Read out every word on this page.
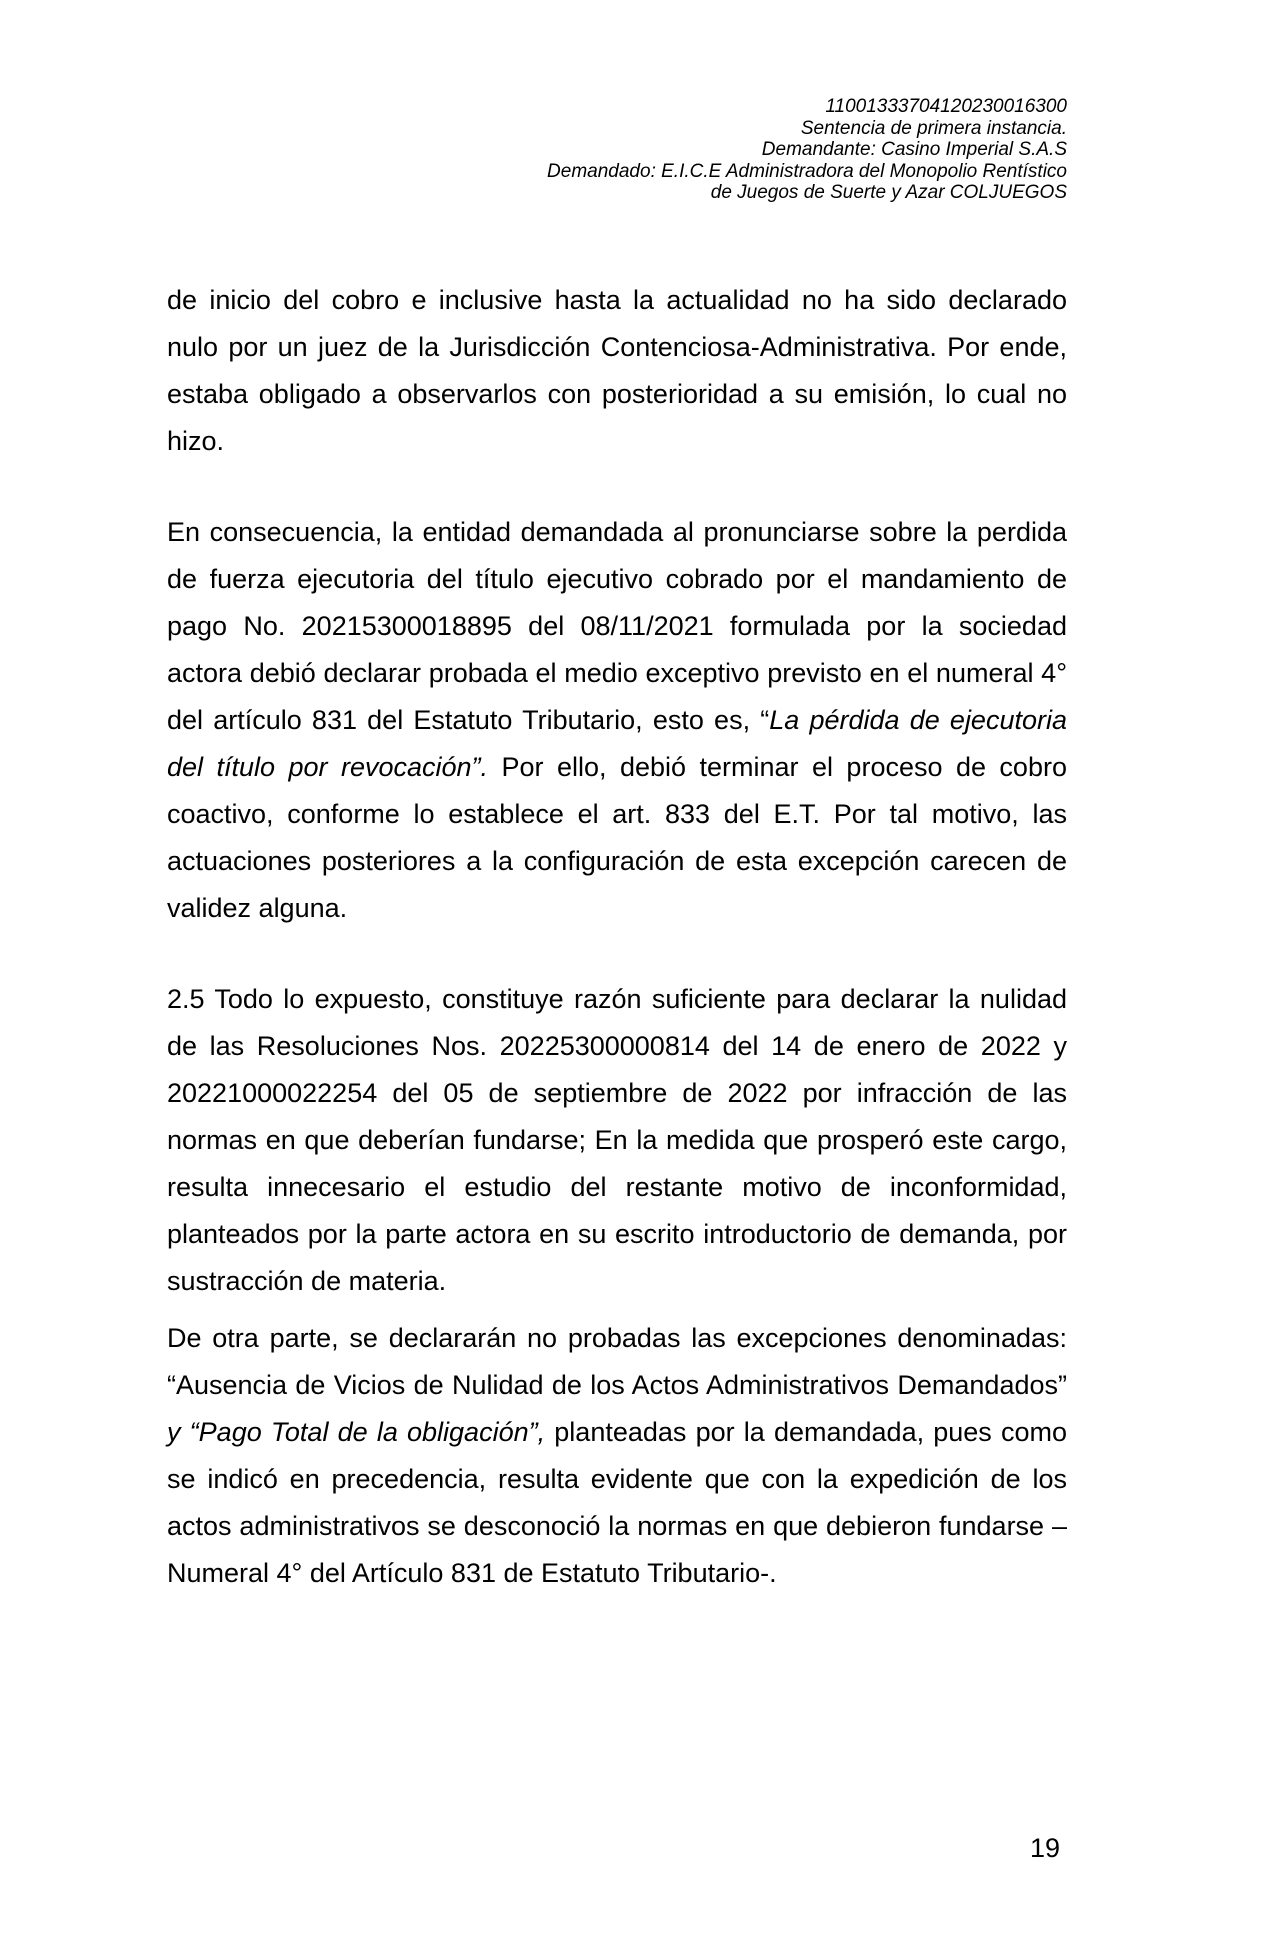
11001333704120230016300
Sentencia de primera instancia.
Demandante: Casino Imperial S.A.S
Demandado: E.I.C.E Administradora del Monopolio Rentístico
de Juegos de Suerte y Azar COLJUEGOS

de inicio del cobro e inclusive hasta la actualidad no ha sido declarado nulo por un juez de la Jurisdicción Contenciosa-Administrativa. Por ende, estaba obligado a observarlos con posterioridad a su emisión, lo cual no hizo.

En consecuencia, la entidad demandada al pronunciarse sobre la perdida de fuerza ejecutoria del título ejecutivo cobrado por el mandamiento de pago No. 20215300018895 del 08/11/2021 formulada por la sociedad actora debió declarar probada el medio exceptivo previsto en el numeral 4° del artículo 831 del Estatuto Tributario, esto es, “La pérdida de ejecutoria del título por revocación”. Por ello, debió terminar el proceso de cobro coactivo, conforme lo establece el art. 833 del E.T. Por tal motivo, las actuaciones posteriores a la configuración de esta excepción carecen de validez alguna.

2.5 Todo lo expuesto, constituye razón suficiente para declarar la nulidad de las Resoluciones Nos. 20225300000814 del 14 de enero de 2022 y 20221000022254 del 05 de septiembre de 2022 por infracción de las normas en que deberían fundarse; En la medida que prosperó este cargo, resulta innecesario el estudio del restante motivo de inconformidad, planteados por la parte actora en su escrito introductorio de demanda, por sustracción de materia.

De otra parte, se declararán no probadas las excepciones denominadas: “Ausencia de Vicios de Nulidad de los Actos Administrativos Demandados” y “Pago Total de la obligación”, planteadas por la demandada, pues como se indicó en precedencia, resulta evidente que con la expedición de los actos administrativos se desconoció la normas en que debieron fundarse – Numeral 4° del Artículo 831 de Estatuto Tributario-.

19
